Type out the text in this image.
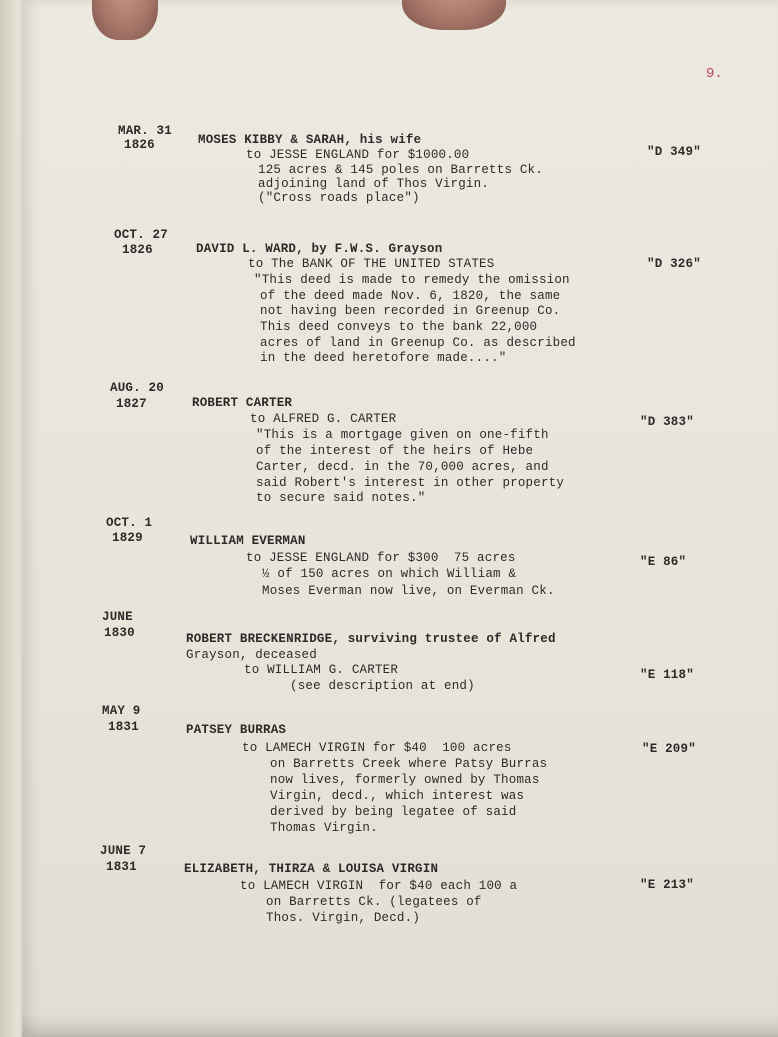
9.
MAR. 31
1826	MOSES KIBBY & SARAH, his wife
to JESSE ENGLAND for $1000.00
125 acres & 145 poles on Barretts Ck.
adjoining land of Thos Virgin.
("Cross roads place")
"D 349"
OCT. 27
1826	DAVID L. WARD, by F.W.S. Grayson
to The BANK OF THE UNITED STATES
"This deed is made to remedy the omission
of the deed made Nov. 6, 1820, the same
not having been recorded in Greenup Co.
This deed conveys to the bank 22,000
acres of land in Greenup Co. as described
in the deed heretofore made...."
"D 326"
AUG. 20
1827	ROBERT CARTER
to ALFRED G. CARTER
"This is a mortgage given on one-fifth
of the interest of the heirs of Hebe
Carter, decd. in the 70,000 acres, and
said Robert's interest in other property
to secure said notes."
"D 383"
OCT. 1
1829	WILLIAM EVERMAN
to JESSE ENGLAND for $300  75 acres
½ of 150 acres on which William &
Moses Everman now live, on Everman Ck.
"E 86"
JUNE
1830	ROBERT BRECKENRIDGE, surviving trustee of Alfred
Grayson, deceased
to WILLIAM G. CARTER
(see description at end)
"E 118"
MAY 9
1831	PATSEY BURRAS
to LAMECH VIRGIN for $40  100 acres
on Barretts Creek where Patsy Burras
now lives, formerly owned by Thomas
Virgin, decd., which interest was
derived by being legatee of said
Thomas Virgin.
"E 209"
JUNE 7
1831	ELIZABETH, THIRZA & LOUISA VIRGIN
to LAMECH VIRGIN  for $40 each 100 a
on Barretts Ck. (legatees of
Thos. Virgin, Decd.)
"E 213"
